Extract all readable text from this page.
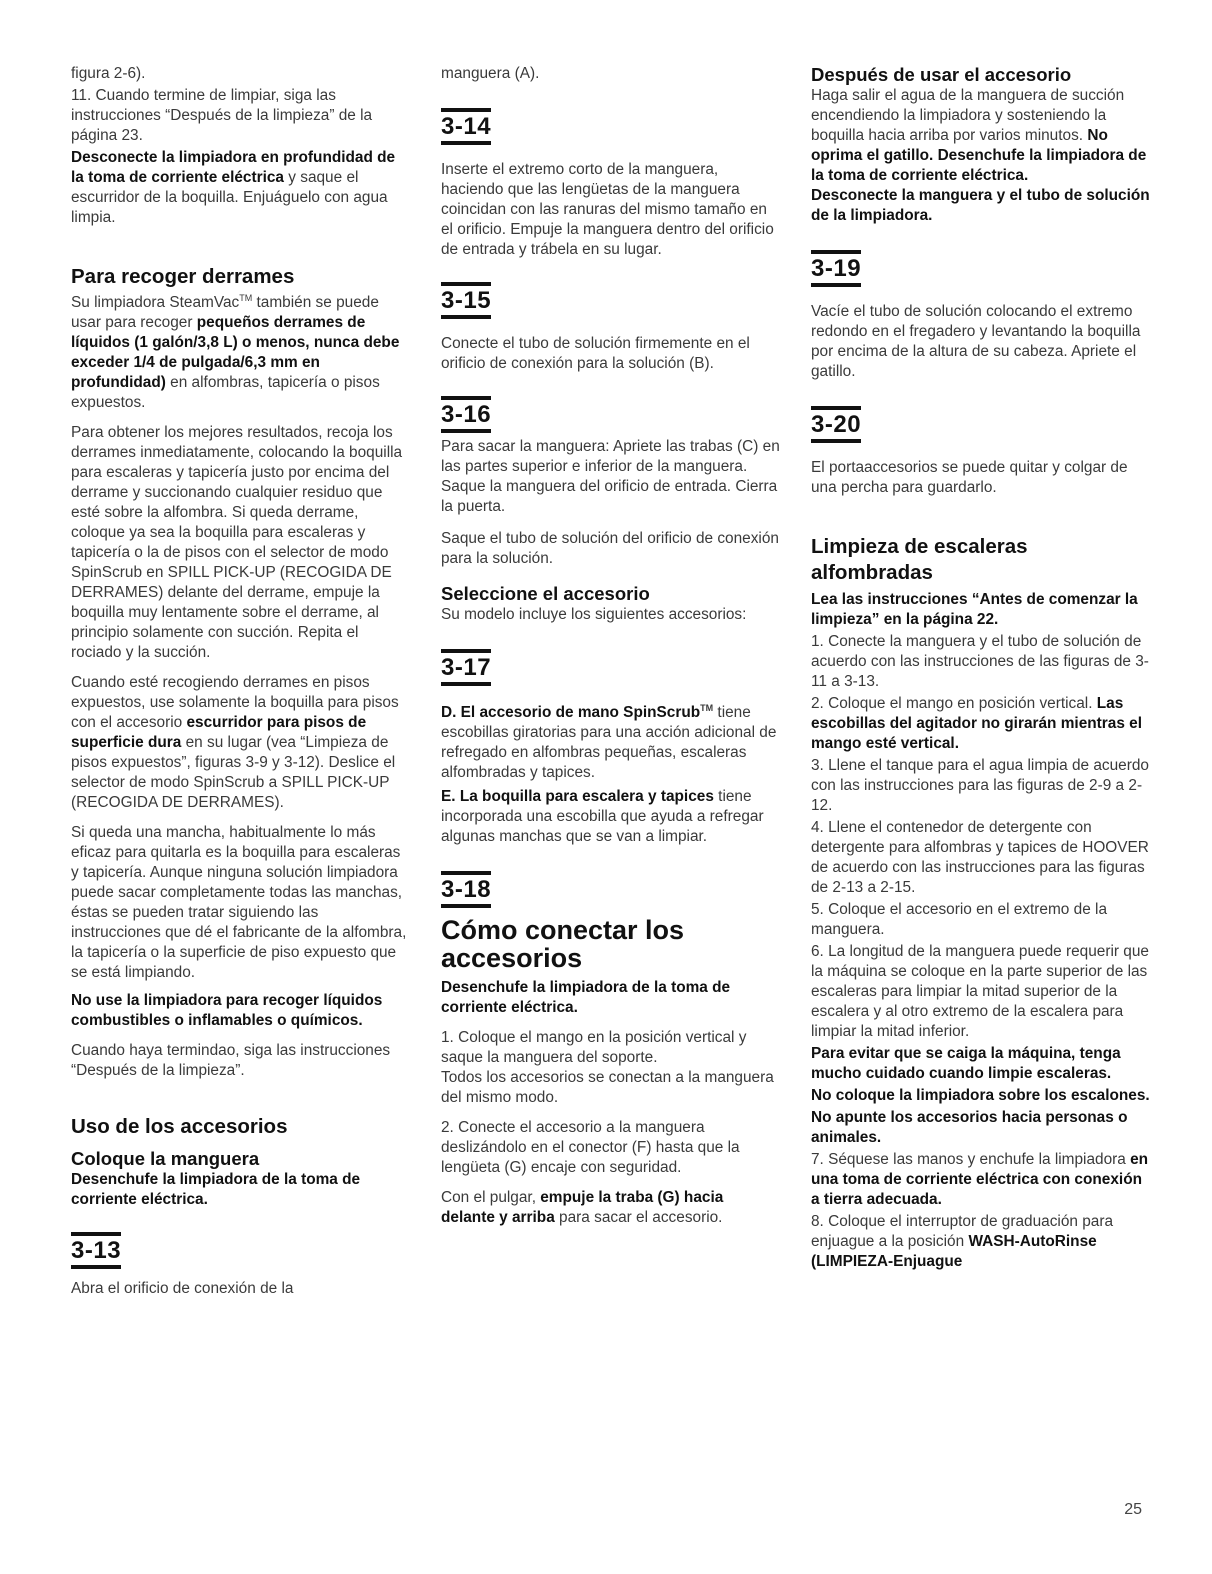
figura 2-6).

11. Cuando termine de limpiar, siga las instrucciones “Después de la limpieza” de la página 23.

Desconecte la limpiadora en profundidad de la toma de corriente eléctrica y saque el escurridor de la boquilla. Enjuáguelo con agua limpia.

Para recoger derrames

Su limpiadora SteamVac™ también se puede usar para recoger pequeños derrames de líquidos (1 galón/3,8 L) o menos, nunca debe exceder 1/4 de pulgada/6,3 mm en profundidad) en alfombras, tapicería o pisos expuestos.

Para obtener los mejores resultados, recoja los derrames inmediatamente, colocando la boquilla para escaleras y tapicería justo por encima del derrame y succionando cualquier residuo que esté sobre la alfombra. Si queda derrame, coloque ya sea la boquilla para escaleras y tapicería o la de pisos con el selector de modo SpinScrub en SPILL PICK-UP (RECOGIDA DE DERRAMES) delante del derrame, empuje la boquilla muy lentamente sobre el derrame, al principio solamente con succión. Repita el rociado y la succión.

Cuando esté recogiendo derrames en pisos expuestos, use solamente la boquilla para pisos con el accesorio escurridor para pisos de superficie dura en su lugar (vea “Limpieza de pisos expuestos”, figuras 3-9 y 3-12). Deslice el selector de modo SpinScrub a SPILL PICK-UP (RECOGIDA DE DERRAMES).

Si queda una mancha, habitualmente lo más eficaz para quitarla es la boquilla para escaleras y tapicería. Aunque ninguna solución limpiadora puede sacar completamente todas las manchas, éstas se pueden tratar siguiendo las instrucciones que dé el fabricante de la alfombra, la tapicería o la superficie de piso expuesto que se está limpiando.

No use la limpiadora para recoger líquidos combustibles o inflamables o químicos.

Cuando haya termindao, siga las instrucciones “Después de la limpieza”.

Uso de los accesorios
Coloque la manguera

Desenchufe la limpiadora de la toma de corriente eléctrica.

3-13

Abra el orificio de conexión de la

manguera (A).

3-14

Inserte el extremo corto de la manguera, haciendo que las lengüetas de la manguera coincidan con las ranuras del mismo tamaño en el orificio. Empuje la manguera dentro del orificio de entrada y trábela en su lugar.

3-15

Conecte el tubo de solución firmemente en el orificio de conexión para la solución (B).

3-16

Para sacar la manguera: Apriete las trabas (C) en las partes superior e inferior de la manguera. Saque la manguera del orificio de entrada. Cierra la puerta.

Saque el tubo de solución del orificio de conexión para la solución.

Seleccione el accesorio

Su modelo incluye los siguientes accesorios:

3-17

D. El accesorio de mano SpinScrub™ tiene escobillas giratorias para una acción adicional de refregado en alfombras pequeñas, escaleras alfombradas y tapices.

E. La boquilla para escalera y tapices tiene incorporada una escobilla que ayuda a refregar algunas manchas que se van a limpiar.

3-18
Cómo conectar los accesorios

Desenchufe la limpiadora de la toma de corriente eléctrica.

1. Coloque el mango en la posición vertical y saque la manguera del soporte.

Todos los accesorios se conectan a la manguera del mismo modo.

2. Conecte el accesorio a la manguera deslizándolo en el conector (F) hasta que la lengüeta (G) encaje con seguridad.

Con el pulgar, empuje la traba (G) hacia delante y arriba para sacar el accesorio.

Después de usar el accesorio

Haga salir el agua de la manguera de succión encendiendo la limpiadora y sosteniendo la boquilla hacia arriba por varios minutos. No oprima el gatillo. Desenchufe la limpiadora de la toma de corriente eléctrica.

Desconecte la manguera y el tubo de solución de la limpiadora.

3-19

Vacíe el tubo de solución colocando el extremo redondo en el fregadero y levantando la boquilla por encima de la altura de su cabeza. Apriete el gatillo.

3-20

El portaaccesorios se puede quitar y colgar de una percha para guardarlo.

Limpieza de escaleras alfombradas

Lea las instrucciones “Antes de comenzar la limpieza” en la página 22.

1. Conecte la manguera y el tubo de solución de acuerdo con las instrucciones de las figuras de 3-11 a 3-13.

2. Coloque el mango en posición vertical. Las escobillas del agitador no girarán mientras el mango esté vertical.

3. Llene el tanque para el agua limpia de acuerdo con las instrucciones para las figuras de 2-9 a 2-12.

4. Llene el contenedor de detergente con detergente para alfombras y tapices de HOOVER de acuerdo con las instrucciones para las figuras de 2-13 a 2-15.

5. Coloque el accesorio en el extremo de la manguera.

6. La longitud de la manguera puede requerir que la máquina se coloque en la parte superior de las escaleras para limpiar la mitad superior de la escalera y al otro extremo de la escalera para limpiar la mitad inferior.

Para evitar que se caiga la máquina, tenga mucho cuidado cuando limpie escaleras.

No coloque la limpiadora sobre los escalones.

No apunte los accesorios hacia personas o animales.

7. Séquese las manos y enchufe la limpiadora en una toma de corriente eléctrica con conexión a tierra adecuada.

8. Coloque el interruptor de graduación para enjuague a la posición WASH-AutoRinse (LIMPIEZA-Enjuague

25
